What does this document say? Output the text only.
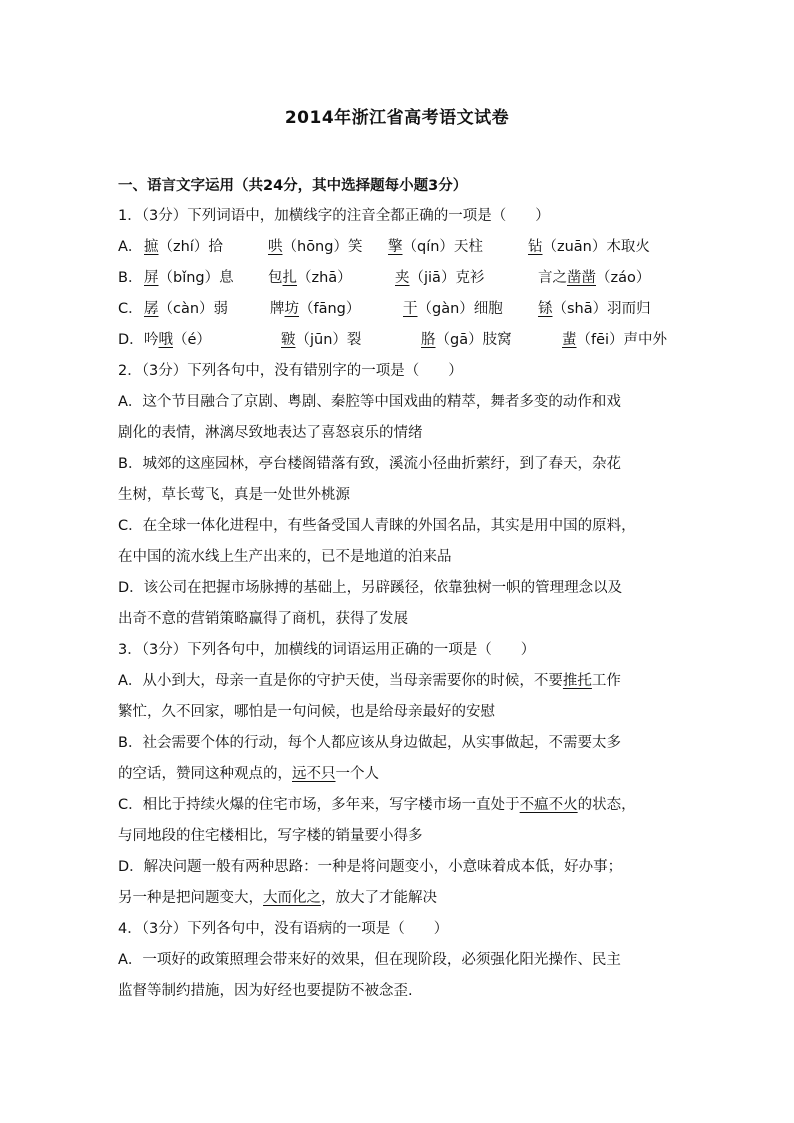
2014年浙江省高考语文试卷
一、语言文字运用（共24分，其中选择题每小题3分）
1．（3分）下列词语中，加横线字的注音全都正确的一项是（　　）
A． 摭（zhí）拾	哄（hōng）笑 擎（qín）天柱	钻（zuān）木取火
B． 屏（bǐng）息 包扎（zhā）	夹（jiā）克衫	言之凿凿（záo）
C． 孱（càn）弱	牌坊（fāng）	干（gàn）细胞 铩（shā）羽而归
D． 吟哦（é）	皲（jūn）裂	胳（gā）肢窝	蜚（fēi）声中外
2．（3分）下列各句中，没有错别字的一项是（　　）
A．这个节目融合了京剧、粤剧、秦腔等中国戏曲的精萃，舞者多变的动作和戏
剧化的表情，淋漓尽致地表达了喜怒哀乐的情绪
B．城郊的这座园林，亭台楼阁错落有致，溪流小径曲折萦纡，到了春天，杂花
生树，草长莺飞，真是一处世外桃源
C．在全球一体化进程中，有些备受国人青睐的外国名品，其实是用中国的原料，
在中国的流水线上生产出来的，已不是地道的泊来品
D．该公司在把握市场脉搏的基础上，另辟蹊径，依靠独树一帜的管理理念以及
出奇不意的营销策略赢得了商机，获得了发展
3．（3分）下列各句中，加横线的词语运用正确的一项是（　　）
A．从小到大，母亲一直是你的守护天使，当母亲需要你的时候，不要推托工作
繁忙，久不回家，哪怕是一句问候，也是给母亲最好的安慰
B．社会需要个体的行动，每个人都应该从身边做起，从实事做起，不需要太多
的空话，赞同这种观点的，远不只一个人
C．相比于持续火爆的住宅市场，多年来，写字楼市场一直处于不瘟不火的状态，
与同地段的住宅楼相比，写字楼的销量要小得多
D．解决问题一般有两种思路：一种是将问题变小，小意味着成本低，好办事；
另一种是把问题变大，大而化之，放大了才能解决
4．（3分）下列各句中，没有语病的一项是（　　）
A．一项好的政策照理会带来好的效果，但在现阶段，必须强化阳光操作、民主
监督等制约措施，因为好经也要提防不被念歪.
